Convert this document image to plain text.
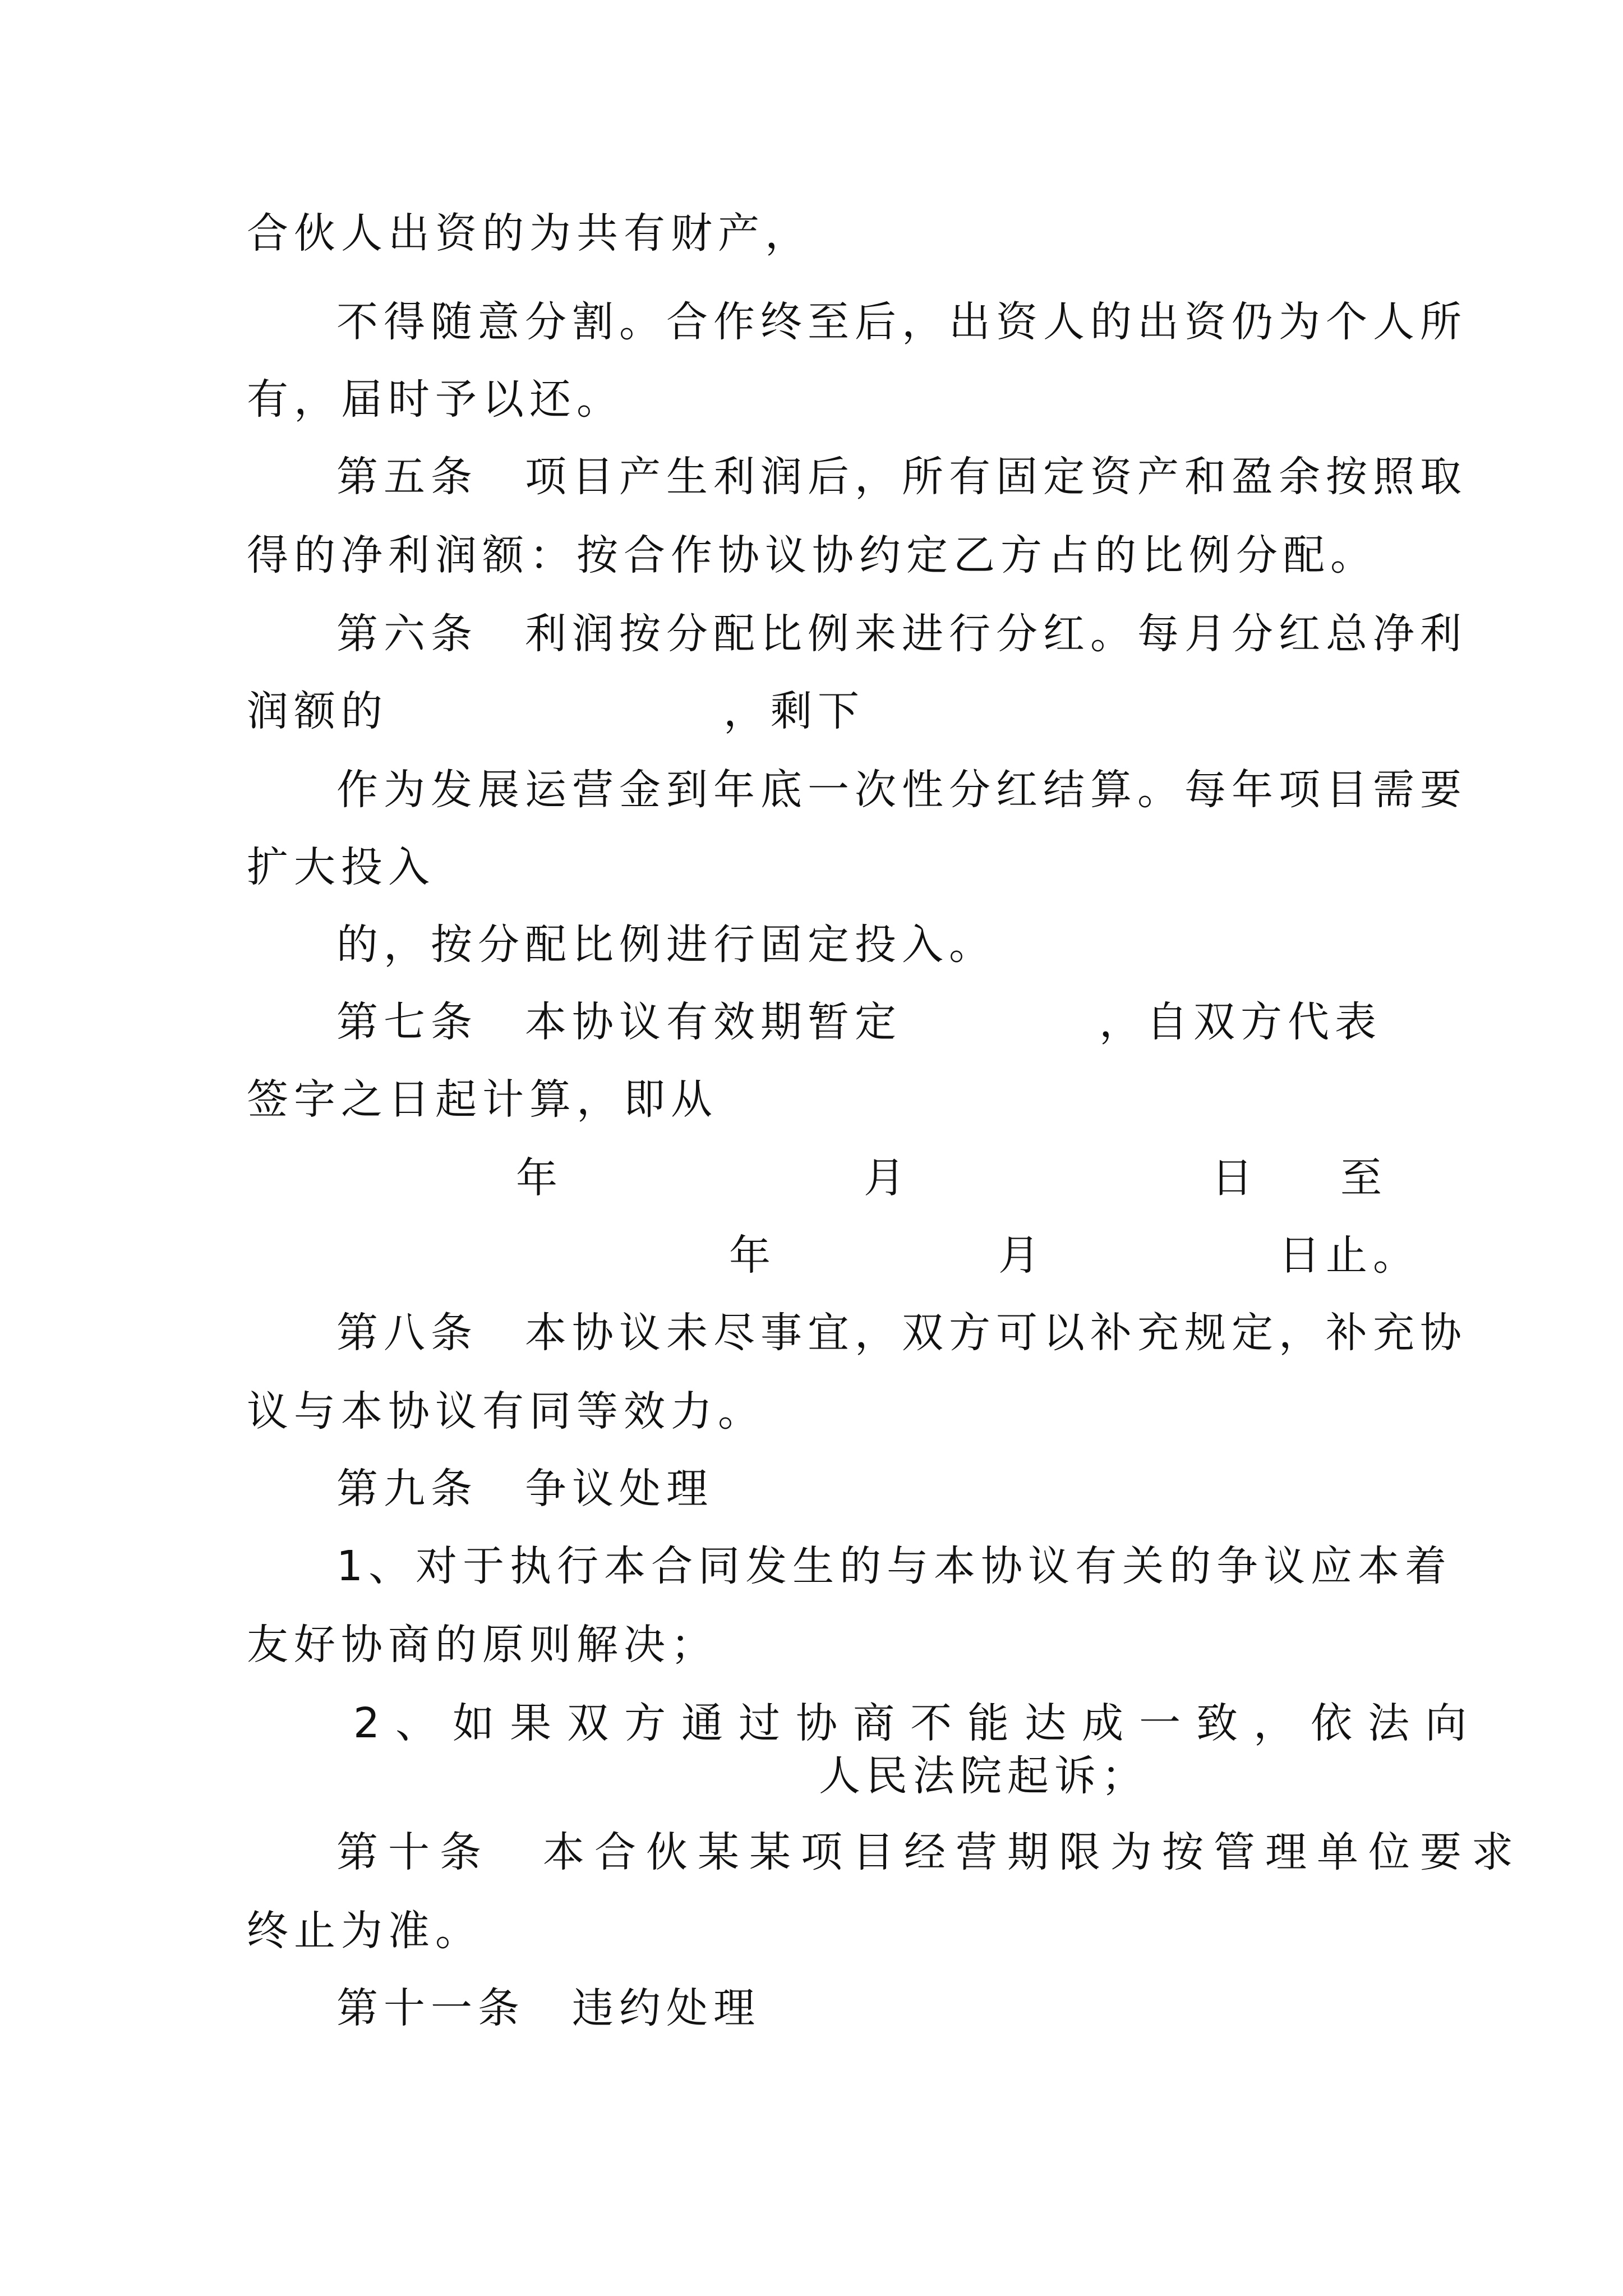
合伙人出资的为共有财产，
不得随意分割。合作终至后，出资人的出资仍为个人所
有，届时予以还。
第五条　项目产生利润后，所有固定资产和盈余按照取
得的净利润额：按合作协议协约定乙方占的比例分配。
第六条　利润按分配比例来进行分红。每月分红总净利
润额的	，剩下
作为发展运营金到年底一次性分红结算。每年项目需要
扩大投入
的，按分配比例进行固定投入。
第七条　本协议有效期暂定	，自双方代表
签字之日起计算，即从
年	月	日 至
年	月	日止。
第八条　本协议未尽事宜，双方可以补充规定，补充协
议与本协议有同等效力。
第九条　争议处理
1、对于执行本合同发生的与本协议有关的争议应本着
友好协商的原则解决；
2、如果双方通过协商不能达成一致，依法向
人民法院起诉；
第十条　本合伙某某项目经营期限为按管理单位要求
终止为准。
第十一条　违约处理
